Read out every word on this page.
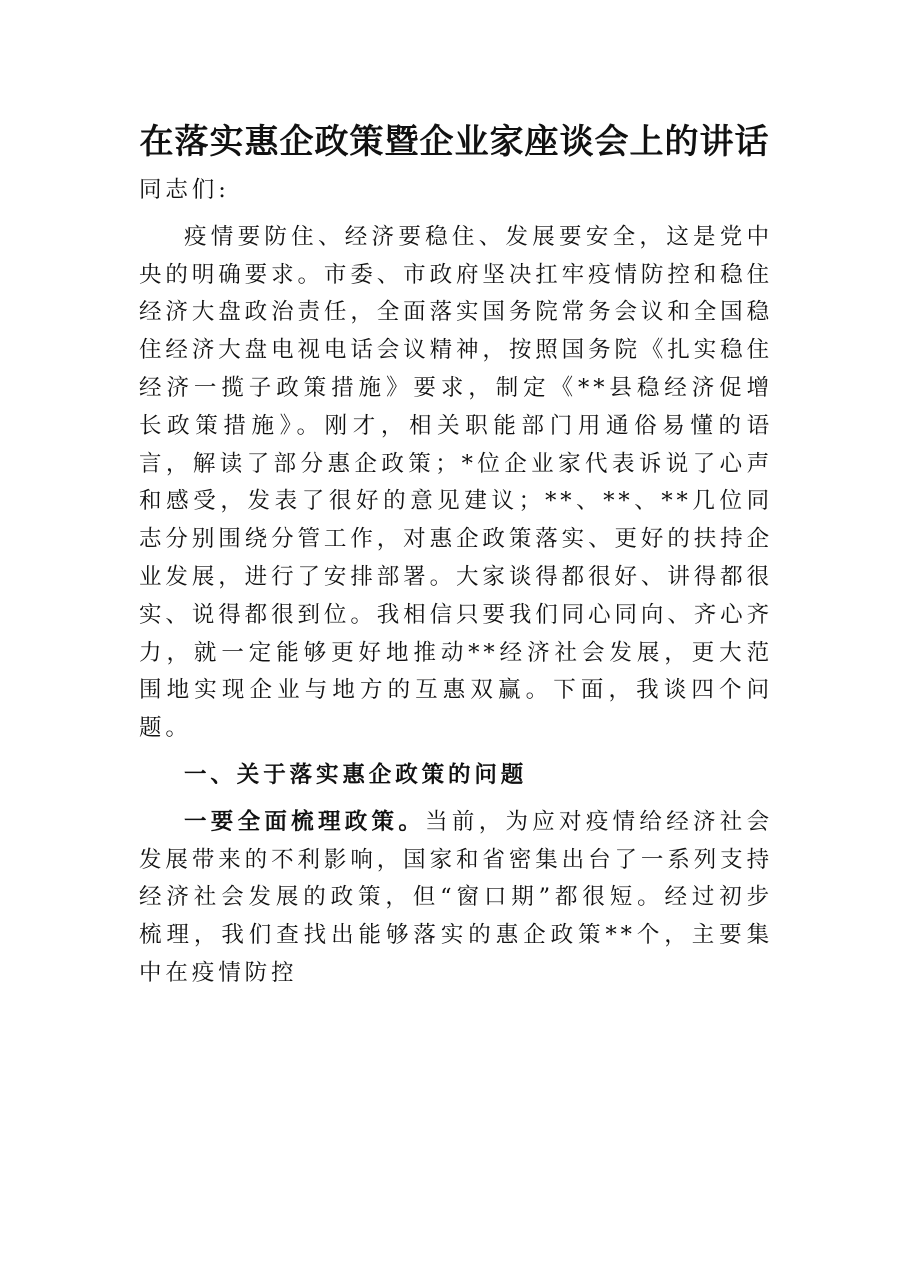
在落实惠企政策暨企业家座谈会上的讲话

同志们:

疫情要防住、经济要稳住、发展要安全，这是党中央的明确要求。市委、市政府坚决扛牢疫情防控和稳住经济大盘政治责任，全面落实国务院常务会议和全国稳住经济大盘电视电话会议精神，按照国务院《扎实稳住经济一揽子政策措施》要求，制定《**县稳经济促增长政策措施》。刚才，相关职能部门用通俗易懂的语言，解读了部分惠企政策；*位企业家代表诉说了心声和感受，发表了很好的意见建议；**、**、**几位同志分别围绕分管工作，对惠企政策落实、更好的扶持企业发展，进行了安排部署。大家谈得都很好、讲得都很实、说得都很到位。我相信只要我们同心同向、齐心齐力，就一定能够更好地推动**经济社会发展，更大范围地实现企业与地方的互惠双赢。下面，我谈四个问题。

一、关于落实惠企政策的问题

一要全面梳理政策。当前，为应对疫情给经济社会发展带来的不利影响，国家和省密集出台了一系列支持经济社会发展的政策，但“窗口期”都很短。经过初步梳理，我们查找出能够落实的惠企政策**个，主要集中在疫情防控
